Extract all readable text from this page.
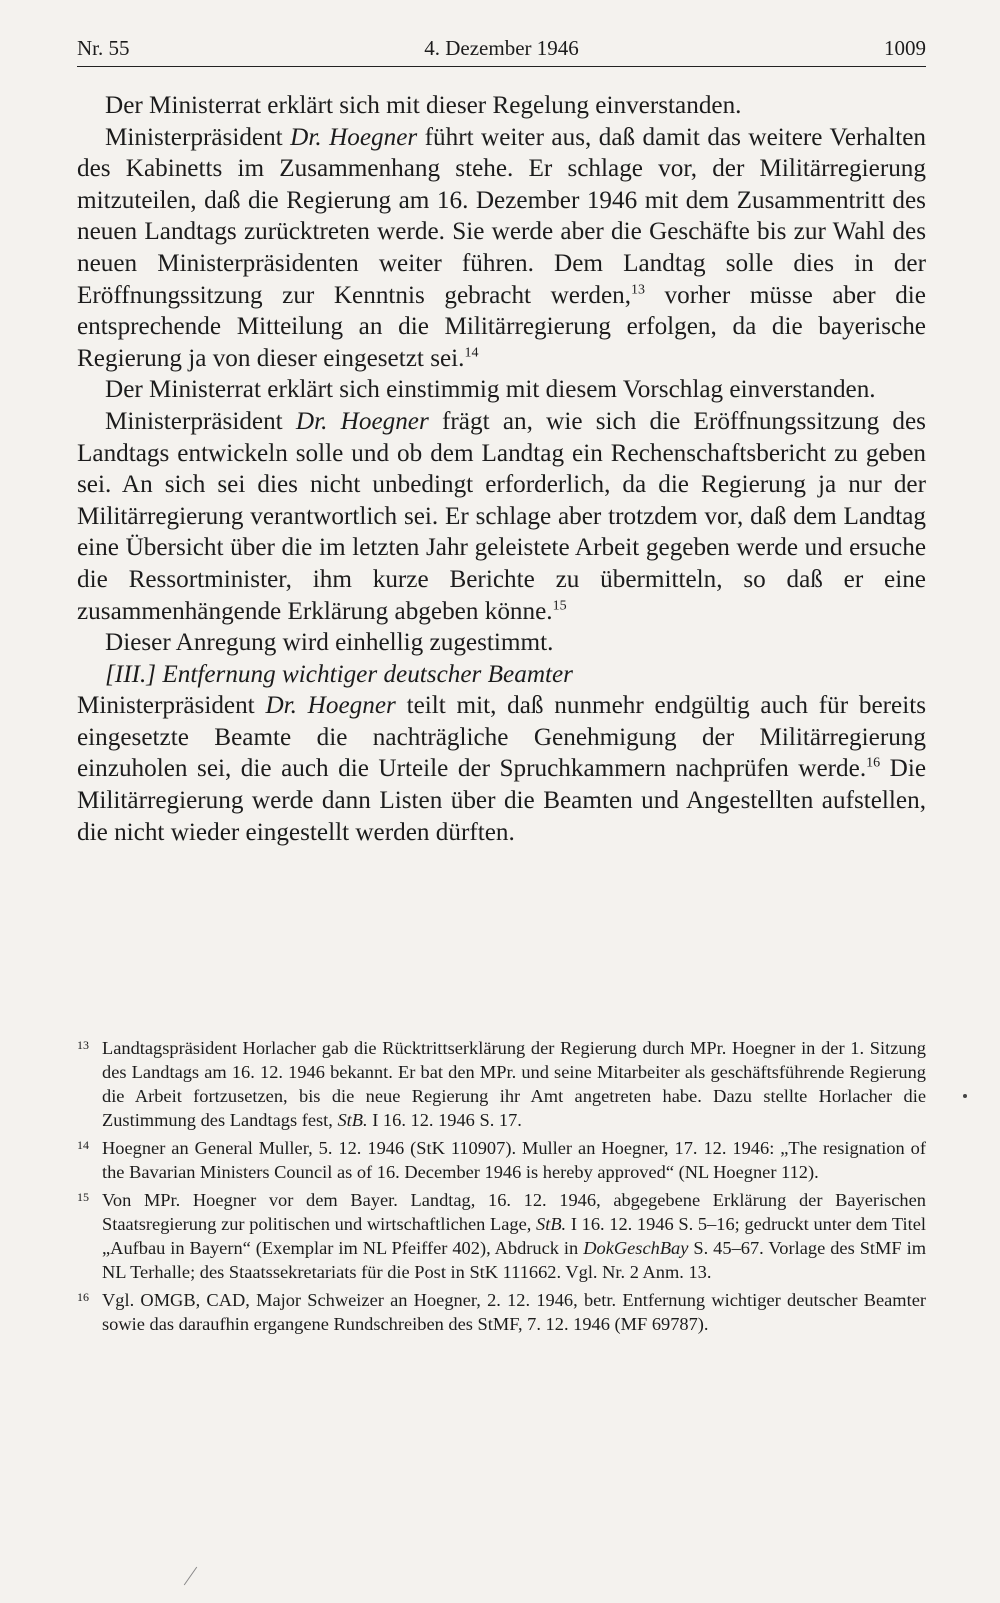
Nr. 55	4. Dezember 1946	1009

Der Ministerrat erklärt sich mit dieser Regelung einverstanden.

Ministerpräsident Dr. Hoegner führt weiter aus, daß damit das weitere Verhalten des Kabinetts im Zusammenhang stehe. Er schlage vor, der Militärregierung mitzuteilen, daß die Regierung am 16. Dezember 1946 mit dem Zusammentritt des neuen Landtags zurücktreten werde. Sie werde aber die Geschäfte bis zur Wahl des neuen Ministerpräsidenten weiter führen. Dem Landtag solle dies in der Eröffnungssitzung zur Kenntnis gebracht werden,$^{13}$ vorher müsse aber die entsprechende Mitteilung an die Militärregierung erfolgen, da die bayerische Regierung ja von dieser eingesetzt sei.$^{14}$

Der Ministerrat erklärt sich einstimmig mit diesem Vorschlag einverstanden.

Ministerpräsident Dr. Hoegner frägt an, wie sich die Eröffnungssitzung des Landtags entwickeln solle und ob dem Landtag ein Rechenschaftsbericht zu geben sei. An sich sei dies nicht unbedingt erforderlich, da die Regierung ja nur der Militärregierung verantwortlich sei. Er schlage aber trotzdem vor, daß dem Landtag eine Übersicht über die im letzten Jahr geleistete Arbeit gegeben werde und ersuche die Ressortminister, ihm kurze Berichte zu übermitteln, so daß er eine zusammenhängende Erklärung abgeben könne.$^{15}$

Dieser Anregung wird einhellig zugestimmt.

[III.] Entfernung wichtiger deutscher Beamter

Ministerpräsident Dr. Hoegner teilt mit, daß nunmehr endgültig auch für bereits eingesetzte Beamte die nachträgliche Genehmigung der Militärregierung einzuholen sei, die auch die Urteile der Spruchkammern nachprüfen werde.$^{16}$ Die Militärregierung werde dann Listen über die Beamten und Angestellten aufstellen, die nicht wieder eingestellt werden dürften.

13 Landtagspräsident Horlacher gab die Rücktrittserklärung der Regierung durch MPr. Hoegner in der 1. Sitzung des Landtags am 16. 12. 1946 bekannt. Er bat den MPr. und seine Mitarbeiter als geschäftsführende Regierung die Arbeit fortzusetzen, bis die neue Regierung ihr Amt angetreten habe. Dazu stellte Horlacher die Zustimmung des Landtags fest, StB. I 16. 12. 1946 S. 17.
14 Hoegner an General Muller, 5. 12. 1946 (StK 110907). Muller an Hoegner, 17. 12. 1946: „The resignation of the Bavarian Ministers Council as of 16. December 1946 is hereby approved“ (NL Hoegner 112).
15 Von MPr. Hoegner vor dem Bayer. Landtag, 16. 12. 1946, abgegebene Erklärung der Bayerischen Staatsregierung zur politischen und wirtschaftlichen Lage, StB. I 16. 12. 1946 S. 5–16; gedruckt unter dem Titel „Aufbau in Bayern“ (Exemplar im NL Pfeiffer 402), Abdruck in DokGeschBay S. 45–67. Vorlage des StMF im NL Terhalle; des Staatssekretariats für die Post in StK 111662. Vgl. Nr. 2 Anm. 13.
16 Vgl. OMGB, CAD, Major Schweizer an Hoegner, 2. 12. 1946, betr. Entfernung wichtiger deutscher Beamter sowie das daraufhin ergangene Rundschreiben des StMF, 7. 12. 1946 (MF 69787).
